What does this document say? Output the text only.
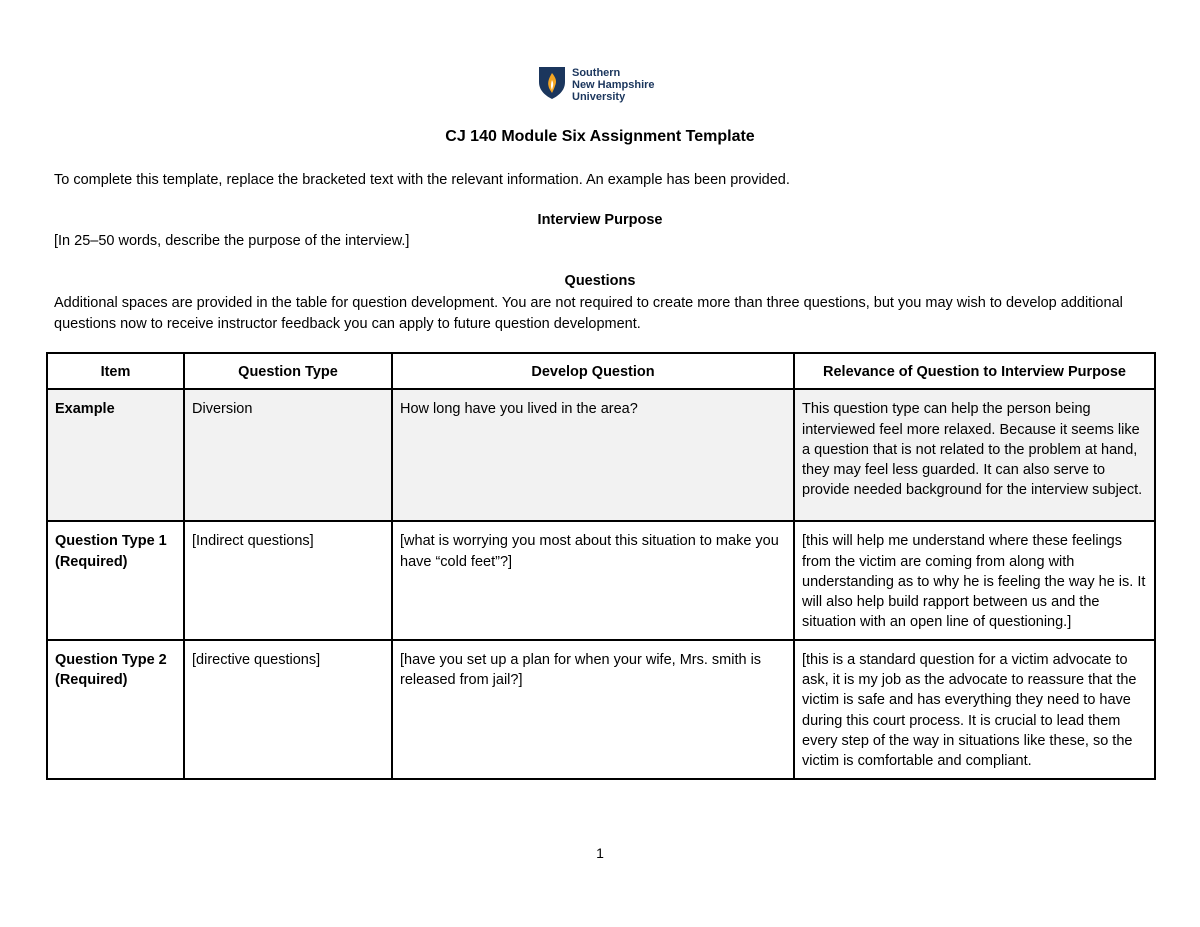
Southern
New Hampshire
University
CJ 140 Module Six Assignment Template
To complete this template, replace the bracketed text with the relevant information. An example has been provided.
Interview Purpose
[In 25–50 words, describe the purpose of the interview.]
Questions
Additional spaces are provided in the table for question development. You are not required to create more than three questions, but you may wish to develop additional questions now to receive instructor feedback you can apply to future question development.
Item	Question Type	Develop Question	Relevance of Question to Interview Purpose
Example	Diversion	How long have you lived in the area?	This question type can help the person being interviewed feel more relaxed. Because it seems like a question that is not related to the problem at hand, they may feel less guarded. It can also serve to provide needed background for the interview subject.
Question Type 1 (Required)	[Indirect questions]	[what is worrying you most about this situation to make you have “cold feet”?]	[this will help me understand where these feelings from the victim are coming from along with understanding as to why he is feeling the way he is. It will also help build rapport between us and the situation with an open line of questioning.]
Question Type 2 (Required)	[directive questions]	[have you set up a plan for when your wife, Mrs. smith is released from jail?]	[this is a standard question for a victim advocate to ask, it is my job as the advocate to reassure that the victim is safe and has everything they need to have during this court process. It is crucial to lead them every step of the way in situations like these, so the victim is comfortable and compliant.
1
